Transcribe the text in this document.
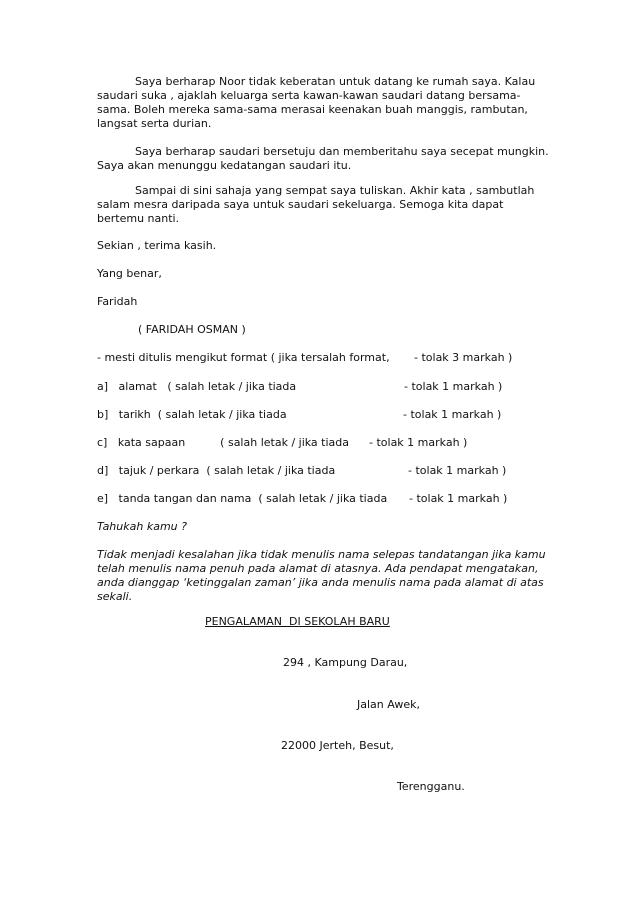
Saya berharap Noor tidak keberatan untuk datang ke rumah saya. Kalau
saudari suka , ajaklah keluarga serta kawan-kawan saudari datang bersama-
sama. Boleh mereka sama-sama merasai keenakan buah manggis, rambutan,
langsat serta durian.
Saya berharap saudari bersetuju dan memberitahu saya secepat mungkin.
Saya akan menunggu kedatangan saudari itu.
Sampai di sini sahaja yang sempat saya tuliskan. Akhir kata , sambutlah
salam mesra daripada saya untuk saudari sekeluarga. Semoga kita dapat
bertemu nanti.
Sekian , terima kasih.
Yang benar,
Faridah
( FARIDAH OSMAN )
- mesti ditulis mengikut format ( jika tersalah format, - tolak 3 markah )
a]   alamat   ( salah letak / jika tiada	- tolak 1 markah )
b]   tarikh  ( salah letak / jika tiada	- tolak 1 markah )
c]   kata sapaan          ( salah letak / jika tiada - tolak 1 markah )
d]   tajuk / perkara  ( salah letak / jika tiada	- tolak 1 markah )
e]   tanda tangan dan nama  ( salah letak / jika tiada - tolak 1 markah )
Tahukah kamu ?
Tidak menjadi kesalahan jika tidak menulis nama selepas tandatangan jika kamu
telah menulis nama penuh pada alamat di atasnya. Ada pendapat mengatakan,
anda dianggap ‘ketinggalan zaman’ jika anda menulis nama pada alamat di atas
sekali.
PENGALAMAN  DI SEKOLAH BARU
294 , Kampung Darau,
Jalan Awek,
22000 Jerteh, Besut,
Terengganu.
